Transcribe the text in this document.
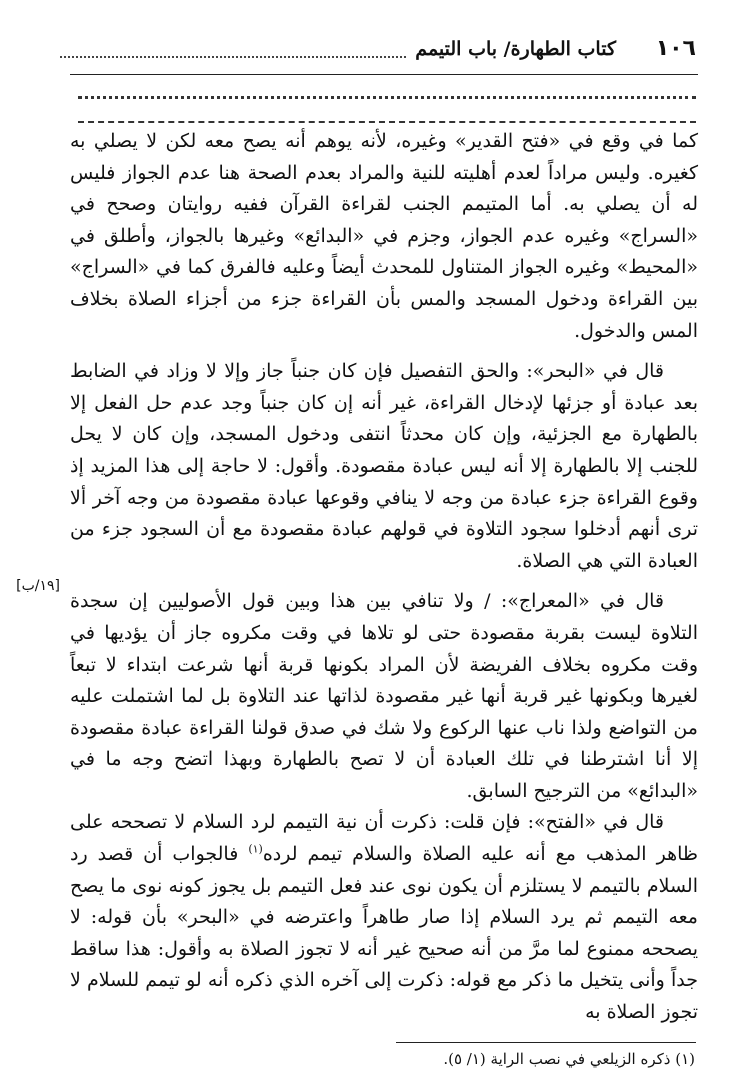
١٠٦
كتاب الطهارة/ باب التيمم

كما في وقع في «فتح القدير» وغيره، لأنه يوهم أنه يصح معه لكن لا يصلي به كغيره. وليس مراداً لعدم أهليته للنية والمراد بعدم الصحة هنا عدم الجواز فليس له أن يصلي به. أما المتيمم الجنب لقراءة القرآن ففيه روايتان وصحح في «السراج» وغيره عدم الجواز، وجزم في «البدائع» وغيرها بالجواز، وأطلق في «المحيط» وغيره الجواز المتناول للمحدث أيضاً وعليه فالفرق كما في «السراج» بين القراءة ودخول المسجد والمس بأن القراءة جزء من أجزاء الصلاة بخلاف المس والدخول.

قال في «البحر»: والحق التفصيل فإن كان جنباً جاز وإلا لا وزاد في الضابط بعد عبادة أو جزئها لإدخال القراءة، غير أنه إن كان جنباً وجد عدم حل الفعل إلا بالطهارة مع الجزئية، وإن كان محدثاً انتفى ودخول المسجد، وإن كان لا يحل للجنب إلا بالطهارة إلا أنه ليس عبادة مقصودة. وأقول: لا حاجة إلى هذا المزيد إذ وقوع القراءة جزء عبادة من وجه لا ينافي وقوعها عبادة مقصودة من وجه آخر ألا ترى أنهم أدخلوا سجود التلاوة في قولهم عبادة مقصودة مع أن السجود جزء من العبادة التي هي الصلاة.

قال في «المعراج»: / ولا تنافي بين هذا وبين قول الأصوليين إن سجدة التلاوة ليست بقربة مقصودة حتى لو تلاها في وقت مكروه جاز أن يؤديها في وقت مكروه بخلاف الفريضة لأن المراد بكونها قربة أنها شرعت ابتداء لا تبعاً لغيرها وبكونها غير قربة أنها غير مقصودة لذاتها عند التلاوة بل لما اشتملت عليه من التواضع ولذا ناب عنها الركوع ولا شك في صدق قولنا القراءة عبادة مقصودة إلا أنا اشترطنا في تلك العبادة أن لا تصح بالطهارة وبهذا اتضح وجه ما في «البدائع» من الترجيح السابق.

قال في «الفتح»: فإن قلت: ذكرت أن نية التيمم لرد السلام لا تصححه على ظاهر المذهب مع أنه عليه الصلاة والسلام تيمم لرده$^{(١)}$ فالجواب أن قصد رد السلام بالتيمم لا يستلزم أن يكون نوى عند فعل التيمم بل يجوز كونه نوى ما يصح معه التيمم ثم يرد السلام إذا صار طاهراً واعترضه في «البحر» بأن قوله: لا يصححه ممنوع لما مرَّ من أنه صحيح غير أنه لا تجوز الصلاة به وأقول: هذا ساقط جداً وأنى يتخيل ما ذكر مع قوله: ذكرت إلى آخره الذي ذكره أنه لو تيمم للسلام لا تجوز الصلاة به

[١٩/ب]
(١) ذكره الزيلعي في نصب الراية (١/ ٥).
